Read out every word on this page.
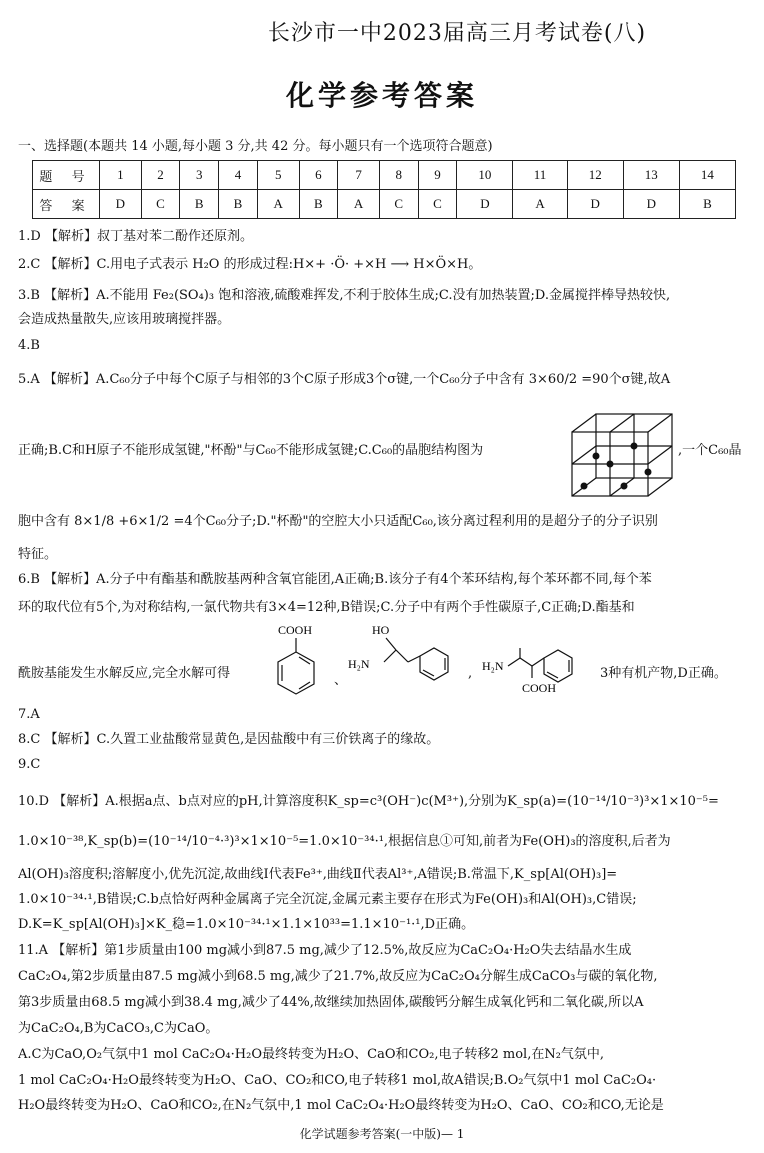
长沙市一中2023届高三月考试卷(八)
化学参考答案
一、选择题(本题共 14 小题,每小题 3 分,共 42 分。每小题只有一个选项符合题意)
题 号	1	2	3	4	5	6	7	8	9	10	11	12	13	14
答 案	D	C	B	B	A	B	A	C	C	D	A	D	D	B
1.D 【解析】叔丁基对苯二酚作还原剂。
2.C 【解析】C.用电子式表示 H₂O 的形成过程:H×+ ·Ö· +×H ⟶ H×Ö×H。
3.B 【解析】A.不能用 Fe₂(SO₄)₃ 饱和溶液,硫酸难挥发,不利于胶体生成;C.没有加热装置;D.金属搅拌棒导热较快,
会造成热量散失,应该用玻璃搅拌器。
4.B
5.A 【解析】A.C₆₀分子中每个C原子与相邻的3个C原子形成3个σ键,一个C₆₀分子中含有 3×60/2 =90个σ键,故A
正确;B.C和H原子不能形成氢键,"杯酚"与C₆₀不能形成氢键;C.C₆₀的晶胞结构图为	,一个C₆₀晶
胞中含有 8×1/8 +6×1/2 =4个C₆₀分子;D."杯酚"的空腔大小只适配C₆₀,该分离过程利用的是超分子的分子识别
特征。
6.B 【解析】A.分子中有酯基和酰胺基两种含氧官能团,A正确;B.该分子有4个苯环结构,每个苯环都不同,每个苯
环的取代位有5个,为对称结构,一氯代物共有3×4=12种,B错误;C.分子中有两个手性碳原子,C正确;D.酯基和
酰胺基能发生水解反应,完全水解可得
COOH
、
HO
H₂N
, H₂N
COOH
3种有机产物,D正确。
7.A
8.C 【解析】C.久置工业盐酸常显黄色,是因盐酸中有三价铁离子的缘故。
9.C
10.D 【解析】A.根据a点、b点对应的pH,计算溶度积K_sp=c³(OH⁻)c(M³⁺),分别为K_sp(a)=(10⁻¹⁴/10⁻³)³×1×10⁻⁵=
1.0×10⁻³⁸,K_sp(b)=(10⁻¹⁴/10⁻⁴·³)³×1×10⁻⁵=1.0×10⁻³⁴·¹,根据信息①可知,前者为Fe(OH)₃的溶度积,后者为
Al(OH)₃溶度积;溶解度小,优先沉淀,故曲线Ⅰ代表Fe³⁺,曲线Ⅱ代表Al³⁺,A错误;B.常温下,K_sp[Al(OH)₃]=
1.0×10⁻³⁴·¹,B错误;C.b点恰好两种金属离子完全沉淀,金属元素主要存在形式为Fe(OH)₃和Al(OH)₃,C错误;
D.K=K_sp[Al(OH)₃]×K_稳=1.0×10⁻³⁴·¹×1.1×10³³=1.1×10⁻¹·¹,D正确。
11.A 【解析】第1步质量由100 mg减小到87.5 mg,减少了12.5%,故反应为CaC₂O₄·H₂O失去结晶水生成
CaC₂O₄,第2步质量由87.5 mg减小到68.5 mg,减少了21.7%,故反应为CaC₂O₄分解生成CaCO₃与碳的氧化物,
第3步质量由68.5 mg减小到38.4 mg,减少了44%,故继续加热固体,碳酸钙分解生成氧化钙和二氧化碳,所以A
为CaC₂O₄,B为CaCO₃,C为CaO。
A.C为CaO,O₂气氛中1 mol CaC₂O₄·H₂O最终转变为H₂O、CaO和CO₂,电子转移2 mol,在N₂气氛中,
1 mol CaC₂O₄·H₂O最终转变为H₂O、CaO、CO₂和CO,电子转移1 mol,故A错误;B.O₂气氛中1 mol CaC₂O₄·
H₂O最终转变为H₂O、CaO和CO₂,在N₂气氛中,1 mol CaC₂O₄·H₂O最终转变为H₂O、CaO、CO₂和CO,无论是
化学试题参考答案(一中版)— 1
